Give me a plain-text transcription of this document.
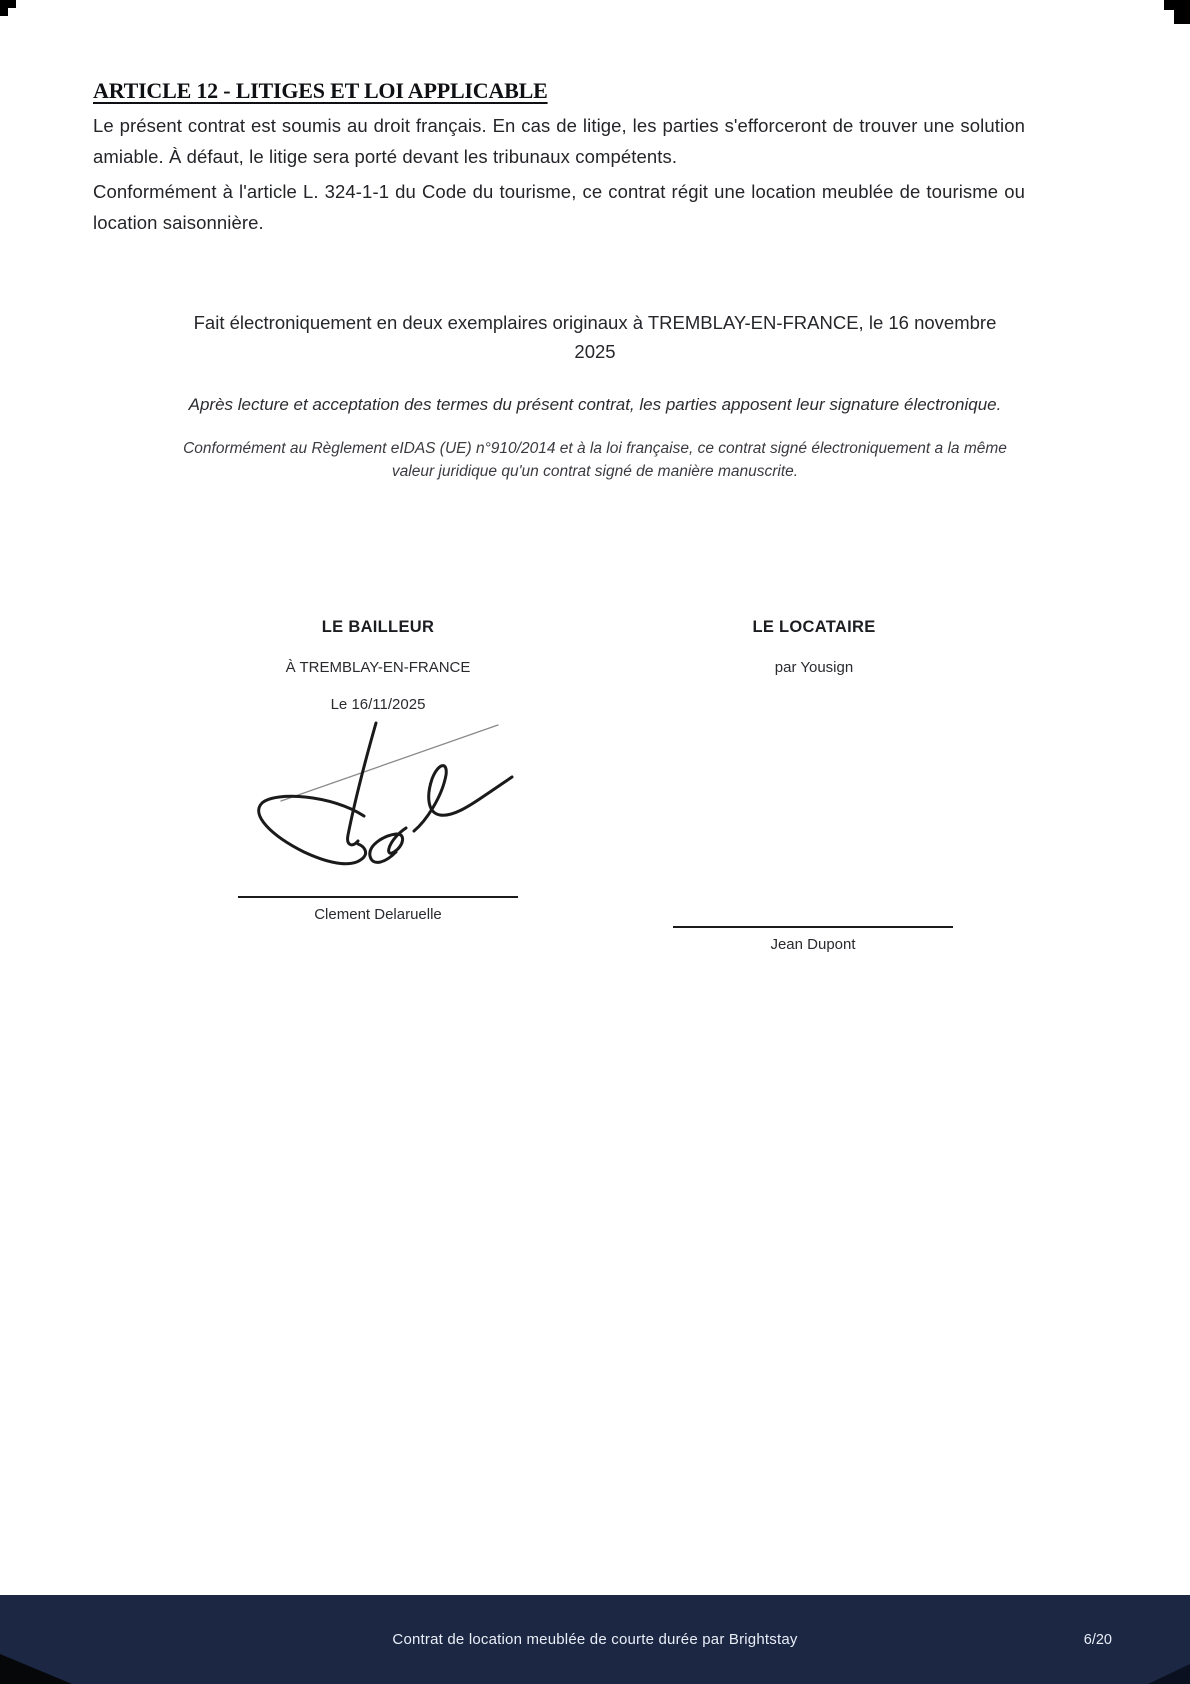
ARTICLE 12 - LITIGES ET LOI APPLICABLE
Le présent contrat est soumis au droit français. En cas de litige, les parties s'efforceront de trouver une solution amiable. À défaut, le litige sera porté devant les tribunaux compétents.
Conformément à l'article L. 324-1-1 du Code du tourisme, ce contrat régit une location meublée de tourisme ou location saisonnière.
Fait électroniquement en deux exemplaires originaux à TREMBLAY-EN-FRANCE, le 16 novembre
2025
Après lecture et acceptation des termes du présent contrat, les parties apposent leur signature électronique.
Conformément au Règlement eIDAS (UE) n°910/2014 et à la loi française, ce contrat signé électroniquement a la même
valeur juridique qu'un contrat signé de manière manuscrite.
LE BAILLEUR
À TREMBLAY-EN-FRANCE
Le 16/11/2025
Clement Delaruelle
LE LOCATAIRE
par Yousign
Jean Dupont
Contrat de location meublée de courte durée par Brightstay	6/20
